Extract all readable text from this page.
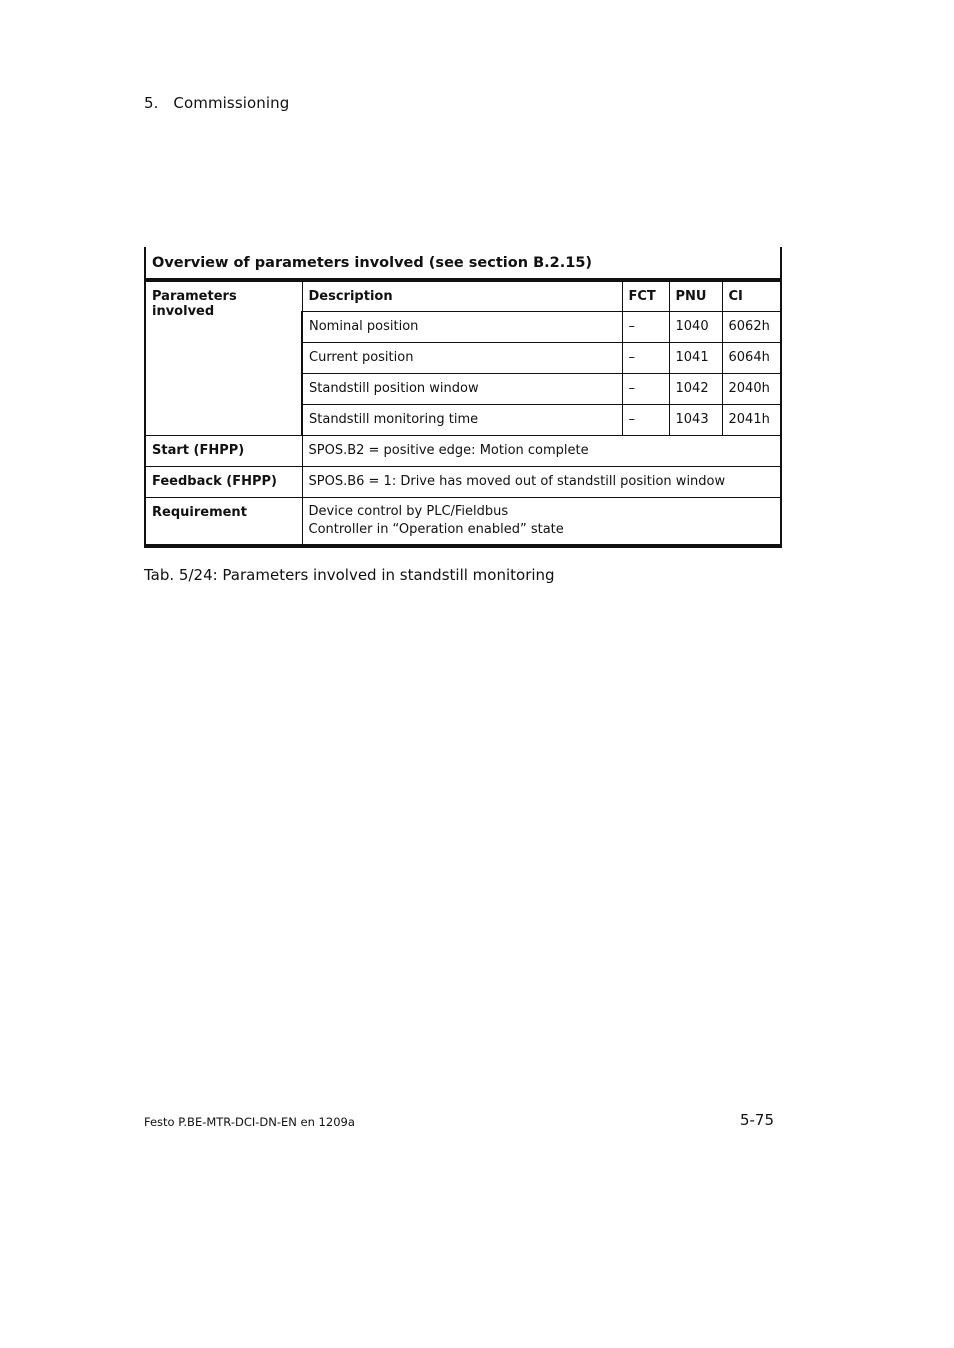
5. Commissioning
Overview of parameters involved (see section B.2.15)				
Parameters involved	Description	FCT	PNU	CI
	Nominal position	–	1040	6062h
	Current position	–	1041	6064h
	Standstill position window	–	1042	2040h
	Standstill monitoring time	–	1043	2041h
Start (FHPP)	SPOS.B2 = positive edge: Motion complete			
Feedback (FHPP)	SPOS.B6 = 1: Drive has moved out of standstill position window			
Requirement	Device control by PLC/Fieldbus
Controller in “Operation enabled” state			
Tab. 5/24: Parameters involved in standstill monitoring
Festo P.BE-MTR-DCI-DN-EN en 1209a	5-75
